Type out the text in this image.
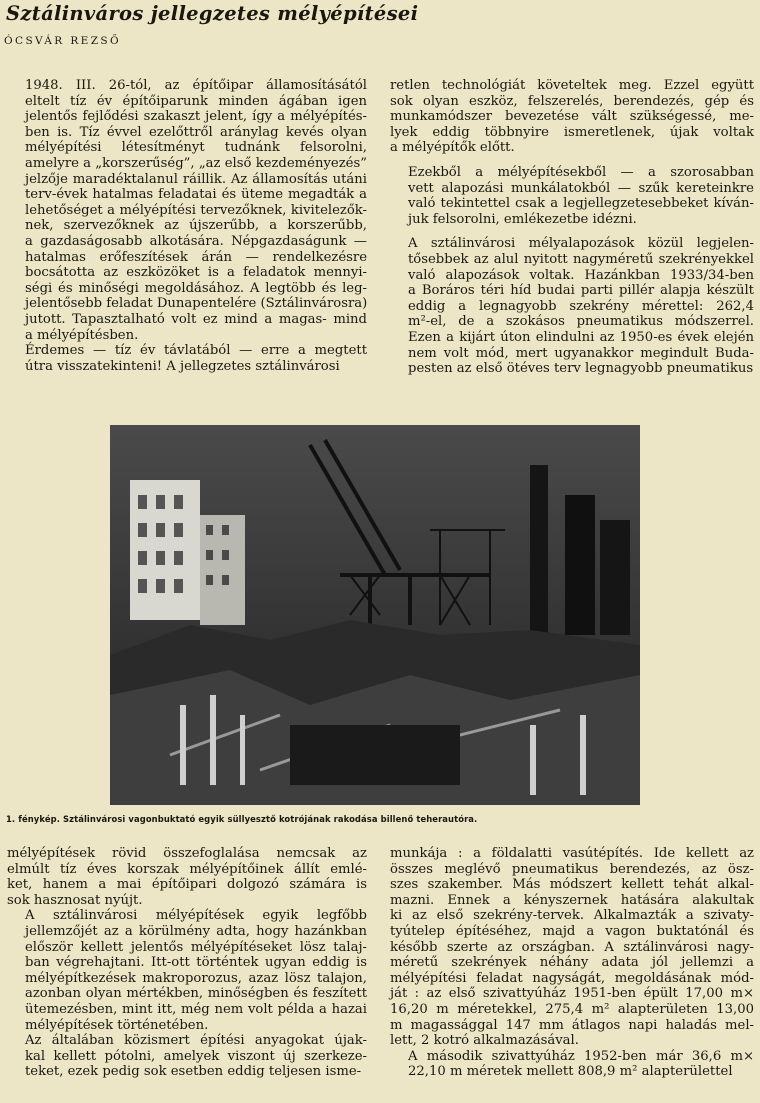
Sztálinváros jellegzetes mélyépítései
ÓCSVÁR REZSŐ

1948. III. 26-tól, az építőipar államosításától
eltelt tíz év építőiparunk minden ágában igen
jelentős fejlődési szakaszt jelent, így a mélyépítés-
ben is. Tíz évvel ezelőttről aránylag kevés olyan
mélyépítési létesítményt tudnánk felsorolni,
amelyre a „korszerűség”, „az első kezdeményezés”
jelzője maradéktalanul ráillik. Az államosítás utáni
terv-évek hatalmas feladatai és üteme megadták a
lehetőséget a mélyépítési tervezőknek, kivitelezők-
nek, szervezőknek az újszerűbb, a korszerűbb,
a gazdaságosabb alkotására. Népgazdaságunk —
hatalmas erőfeszítések árán — rendelkezésre
bocsátotta az eszközöket is a feladatok mennyi-
ségi és minőségi megoldásához. A legtöbb és leg-
jelentősebb feladat Dunapentelére (Sztálinvárosra)
jutott. Tapasztalható volt ez mind a magas- mind
a mélyépítésben.

Érdemes — tíz év távlatából — erre a megtett
útra visszatekinteni! A jellegzetes sztálinvárosi

retlen technológiát követeltek meg. Ezzel együtt
sok olyan eszköz, felszerelés, berendezés, gép és
munkamódszer bevezetése vált szükségessé, me-
lyek eddig többnyire ismeretlenek, újak voltak
a mélyépítők előtt.

Ezekből a mélyépítésekből — a szorosabban
vett alapozási munkálatokból — szűk kereteinkre
való tekintettel csak a legjellegzetesebbeket kíván-
juk felsorolni, emlékezetbe idézni.

A sztálinvárosi mélyalapozások közül legjelen-
tősebbek az alul nyitott nagyméretű szekrényekkel
való alapozások voltak. Hazánkban 1933/34-ben
a Boráros téri híd budai parti pillér alapja készült
eddig a legnagyobb szekrény mérettel: 262,4
m²-el, de a szokásos pneumatikus módszerrel.
Ezen a kijárt úton elindulni az 1950-es évek elején
nem volt mód, mert ugyanakkor megindult Buda-
pesten az első ötéves terv legnagyobb pneumatikus

1. fénykép. Sztálinvárosi vagonbuktató egyik süllyesztő kotrójának rakodása billenő teherautóra.

mélyépítések rövid összefoglalása nemcsak az
elmúlt tíz éves korszak mélyépítőinek állít emlé-
ket, hanem a mai építőipari dolgozó számára is
sok hasznosat nyújt.

A sztálinvárosi mélyépítések egyik legfőbb
jellemzőjét az a körülmény adta, hogy hazánkban
először kellett jelentős mélyépítéseket lösz talaj-
ban végrehajtani. Itt-ott történtek ugyan eddig is
mélyépítkezések makroporozus, azaz lösz talajon,
azonban olyan mértékben, minőségben és feszített
ütemezésben, mint itt, még nem volt példa a hazai
mélyépítések történetében.

Az általában közismert építési anyagokat újak-
kal kellett pótolni, amelyek viszont új szerkeze-
teket, ezek pedig sok esetben eddig teljesen isme-

munkája : a földalatti vasútépítés. Ide kellett az
összes meglévő pneumatikus berendezés, az ösz-
szes szakember. Más módszert kellett tehát alkal-
mazni. Ennek a kényszernek hatására alakultak
ki az első szekrény-tervek. Alkalmazták a szivaty-
tyútelep építéséhez, majd a vagon buktatónál és
később szerte az országban. A sztálinvárosi nagy-
méretű szekrények néhány adata jól jellemzi a
mélyépítési feladat nagyságát, megoldásának mód-
ját : az első szivattyúház 1951-ben épült 17,00 m×
16,20 m méretekkel, 275,4 m² alapterületen 13,00
m magassággal 147 mm átlagos napi haladás mel-
lett, 2 kotró alkalmazásával.

A második szivattyúház 1952-ben már 36,6 m×
22,10 m méretek mellett 808,9 m² alapterülettel
